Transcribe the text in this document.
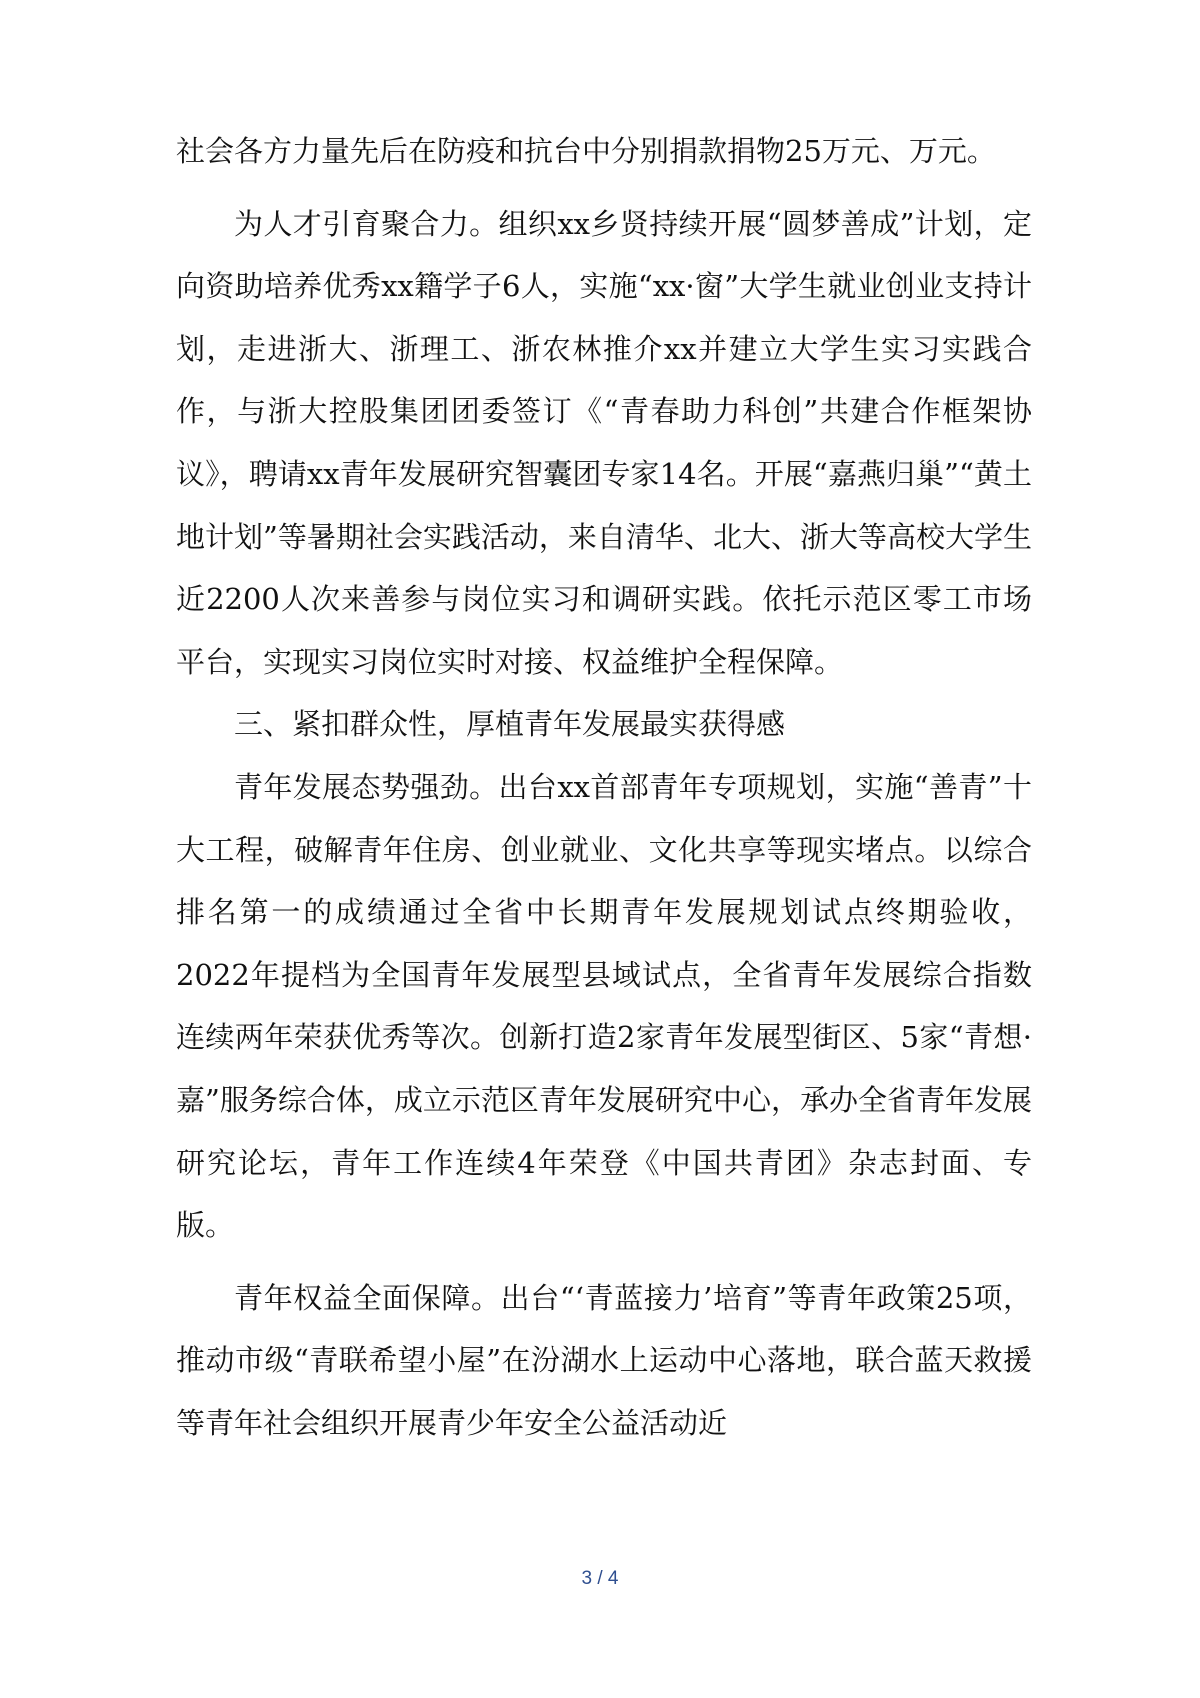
社会各方力量先后在防疫和抗台中分别捐款捐物25万元、万元。

为人才引育聚合力。组织xx乡贤持续开展“圆梦善成”计划，定向资助培养优秀xx籍学子6人，实施“xx·窗”大学生就业创业支持计划，走进浙大、浙理工、浙农林推介xx并建立大学生实习实践合作，与浙大控股集团团委签订《“青春助力科创”共建合作框架协议》，聘请xx青年发展研究智囊团专家14名。开展“嘉燕归巢”“黄土地计划”等暑期社会实践活动，来自清华、北大、浙大等高校大学生近2200人次来善参与岗位实习和调研实践。依托示范区零工市场平台，实现实习岗位实时对接、权益维护全程保障。

三、紧扣群众性，厚植青年发展最实获得感

青年发展态势强劲。出台xx首部青年专项规划，实施“善青”十大工程，破解青年住房、创业就业、文化共享等现实堵点。以综合排名第一的成绩通过全省中长期青年发展规划试点终期验收，2022年提档为全国青年发展型县域试点，全省青年发展综合指数连续两年荣获优秀等次。创新打造2家青年发展型街区、5家“青想·嘉”服务综合体，成立示范区青年发展研究中心，承办全省青年发展研究论坛，青年工作连续4年荣登《中国共青团》杂志封面、专版。

青年权益全面保障。出台“‘青蓝接力’培育”等青年政策25项，推动市级“青联希望小屋”在汾湖水上运动中心落地，联合蓝天救援等青年社会组织开展青少年安全公益活动近

3 / 4
